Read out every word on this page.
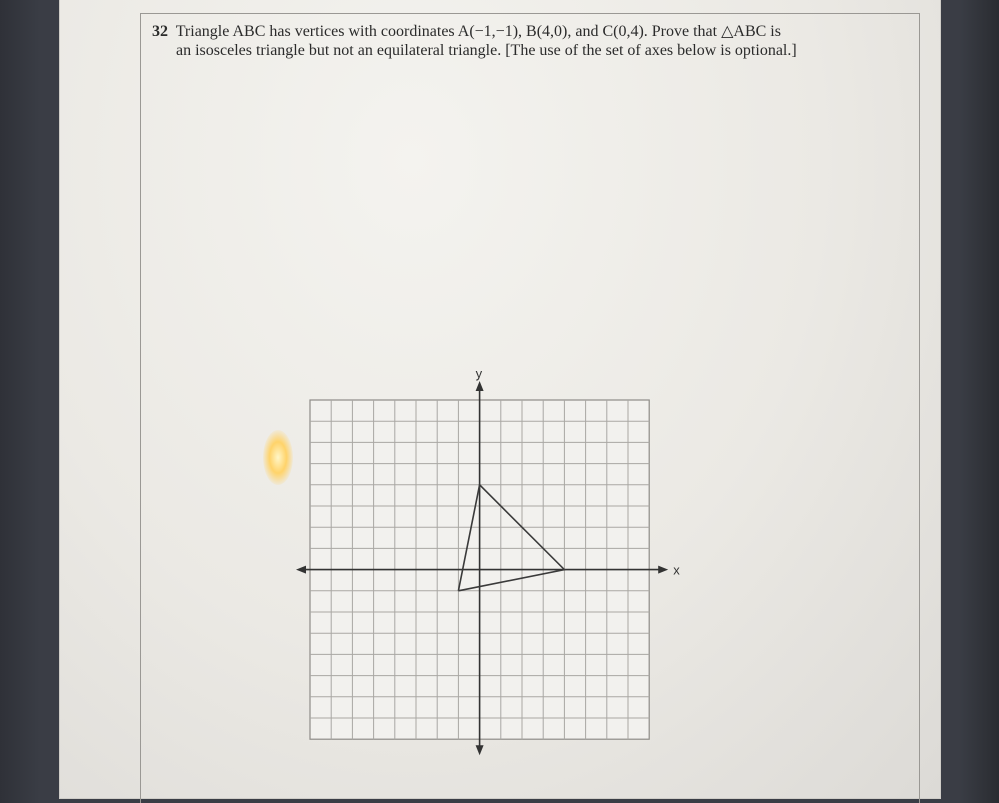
32 Triangle ABC has vertices with coordinates A(−1,−1), B(4,0), and C(0,4). Prove that △ABC is
an isosceles triangle but not an equilateral triangle. [The use of the set of axes below is optional.]
y
x
